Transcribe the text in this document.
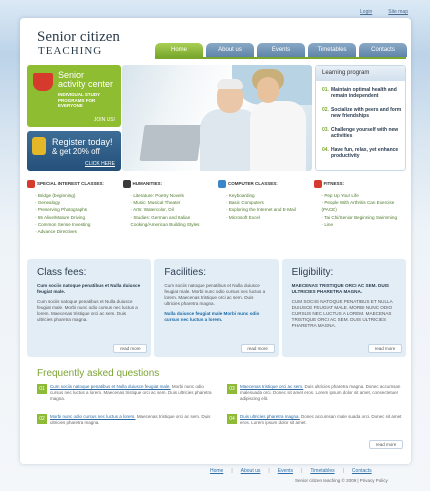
Login	Site map
Senior citizen
TEACHING	Home	About us	Events	Timetables	Contacts
Senior
activity center
INDIVIDUAL STUDY PROGRAMS FOR EVERYONE
JOIN US!
Register today!
& get 20% off
CLICK HERE
Learning program
01. Maintain optimal health and remain independent
02. Socialize with peers and form new friendships
03. Challenge yourself with new activities
04. Have fun, relax, yet enhance productivity
SPECIAL INTEREST CLASSES:
- Bridge (beginning)
- Genealogy
- Preserving Photographs
- 55 Alive/Mature Driving
- Common Sense Investing
- Advance Directives
HUMANITIES:
- Literature: Poetry Novels
- Music: Musical Theater
- Arts: Watercolor, Oil
- Studies: German and Italian Cooking/American Building Styles
COMPUTER CLASSES:
- Keyboarding
- Basic Computers
- Exploring the Internet and E-Mail
- Microsoft Excel
FITNESS:
- Pep Up Your Life
- People With Arthritis Can Exercise (PACE)
- Tai Chi/Senior Beginning Swimming
- Line
Class fees:

Cum sociis natoque penatibus et Nulla duiusce feugiat male.

Cum sociis natoque penatibus et Nulla duiusce feugiat male. Morbi nunc odio cursus nec luctus a lorem. Maecenas tristique orci ac sem. Duis ultricies pharetra magna.

read more
Facilities:

Cum sociis natoque penatibus et Nulla duiusce feugiat male. Morbi nunc odio cursus nec luctus a lorem. Maecenas tristique orci ac sem. Duis ultricies pharetra magna.

Nulla duiusce feugiat male Morbi nunc odio cursus nec luctus a lorem.

read more
Eligibility:

MAECENAS TRISTIQUE ORCI AC SEM. DUIS ULTRICIES PHARETRA MAGNA.

CUM SOCIIS NATOQUE PENATIBUS ET NULLA DUIUSCE FEUGIAT MALE. MORBI NUNC ODIO CURSUS NEC LUCTUS A LOREM. MAECENAS TRISTIQUE ORCI AC SEM. DUIS ULTRICIES PHARETRA MAGNA.

read more
Frequently asked questions
01	Cum sociis natoque penatibus et Nulla duiusce feugiat male. Morbi nunc odio cursus nec luctus a lorem. Maecenas tristique orci ac sem. Duis ultricies pharetra magna.
02	Morbi nunc odio cursus nec luctus a lorem. Maecenas tristique orci ac sem. Duis ultricies pharetra magna.
03	Maecenas tristique orci ac sem. Duis ultricies pharetra magna. Donec accumsan malesuada orci. Donec sit amet eros. Lorem ipsum dolor sit amet, consectetuer adipiscing elit.
04	Duis ultricies pharetra magna. Donec accumsan male suada orci. Donec sit amet eros. Lorem ipsum dolor sit amet.
read more
Home | About us | Events | Timetables | Contacts
Senior citizen teaching © 2009 | Privacy Policy
